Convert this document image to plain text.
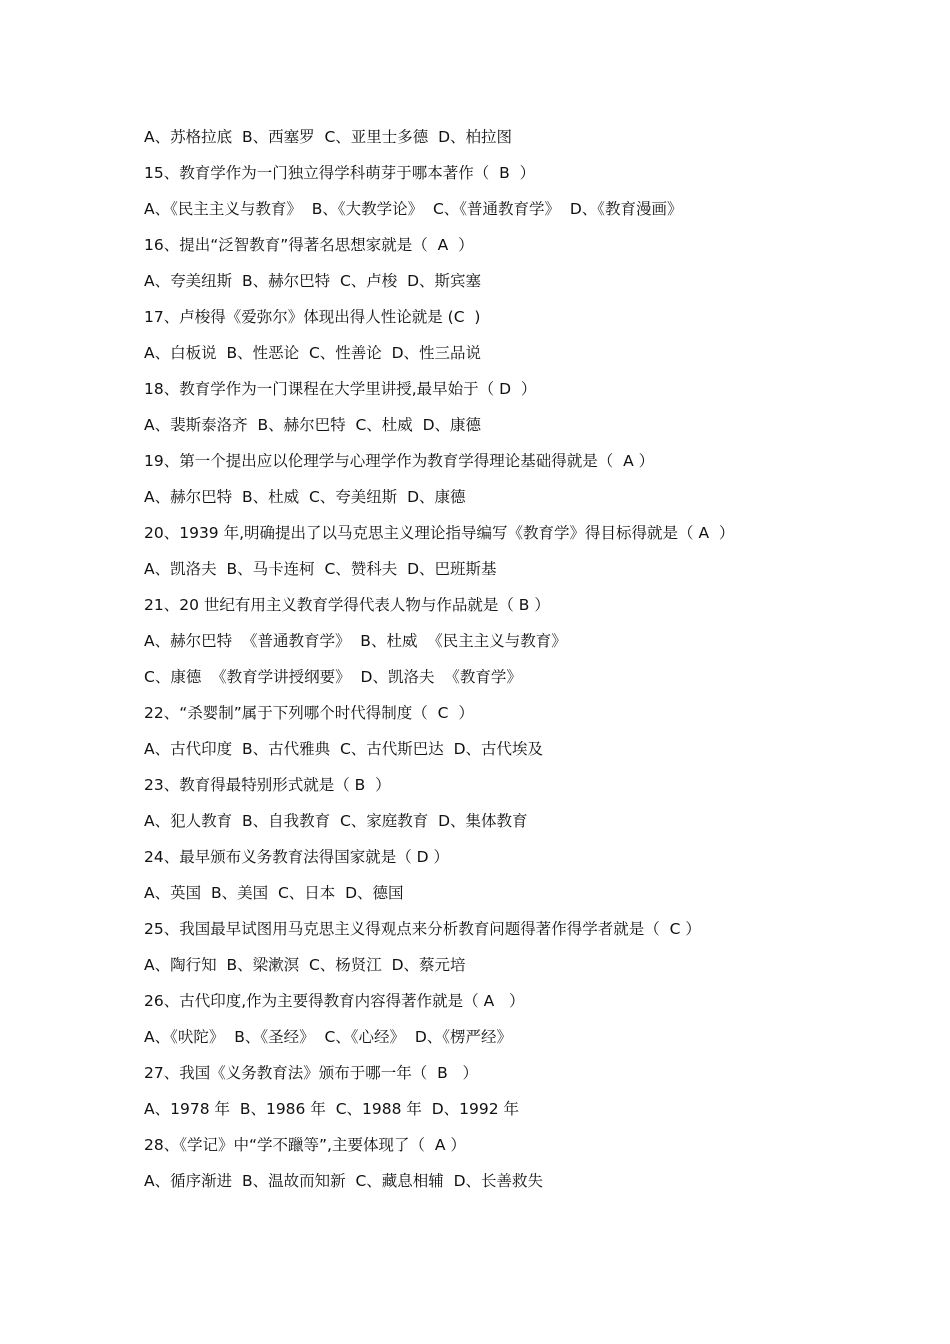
A、苏格拉底  B、西塞罗  C、亚里士多德  D、柏拉图
15、教育学作为一门独立得学科萌芽于哪本著作（  B  ）
A、《民主主义与教育》  B、《大教学论》  C、《普通教育学》  D、《教育漫画》
16、提出“泛智教育”得著名思想家就是（  A  ）
A、夸美纽斯  B、赫尔巴特  C、卢梭  D、斯宾塞
17、卢梭得《爱弥尔》体现出得人性论就是 (C  )
A、白板说  B、性恶论  C、性善论  D、性三品说
18、教育学作为一门课程在大学里讲授,最早始于（ D  ）
A、裴斯泰洛齐  B、赫尔巴特  C、杜威  D、康德
19、第一个提出应以伦理学与心理学作为教育学得理论基础得就是（  A ）
A、赫尔巴特  B、杜威  C、夸美纽斯  D、康德
20、1939 年,明确提出了以马克思主义理论指导编写《教育学》得目标得就是（ A  ）
A、凯洛夫  B、马卡连柯  C、赞科夫  D、巴班斯基
21、20 世纪有用主义教育学得代表人物与作品就是（ B ）
A、赫尔巴特  《普通教育学》  B、杜威  《民主主义与教育》
C、康德  《教育学讲授纲要》  D、凯洛夫  《教育学》
22、“杀婴制”属于下列哪个时代得制度（  C  ）
A、古代印度  B、古代雅典  C、古代斯巴达  D、古代埃及
23、教育得最特别形式就是（ B  ）
A、犯人教育  B、自我教育  C、家庭教育  D、集体教育
24、最早颁布义务教育法得国家就是（ D ）
A、英国  B、美国  C、日本  D、德国
25、我国最早试图用马克思主义得观点来分析教育问题得著作得学者就是（  C ）
A、陶行知  B、梁漱溟  C、杨贤江  D、蔡元培
26、古代印度,作为主要得教育内容得著作就是（ A   ）
A、《吠陀》  B、《圣经》  C、《心经》  D、《楞严经》
27、我国《义务教育法》颁布于哪一年（  B   ）
A、1978 年  B、1986 年  C、1988 年  D、1992 年
28、《学记》中“学不躐等”,主要体现了（  A ）
A、循序渐进  B、温故而知新  C、藏息相辅  D、长善救失
